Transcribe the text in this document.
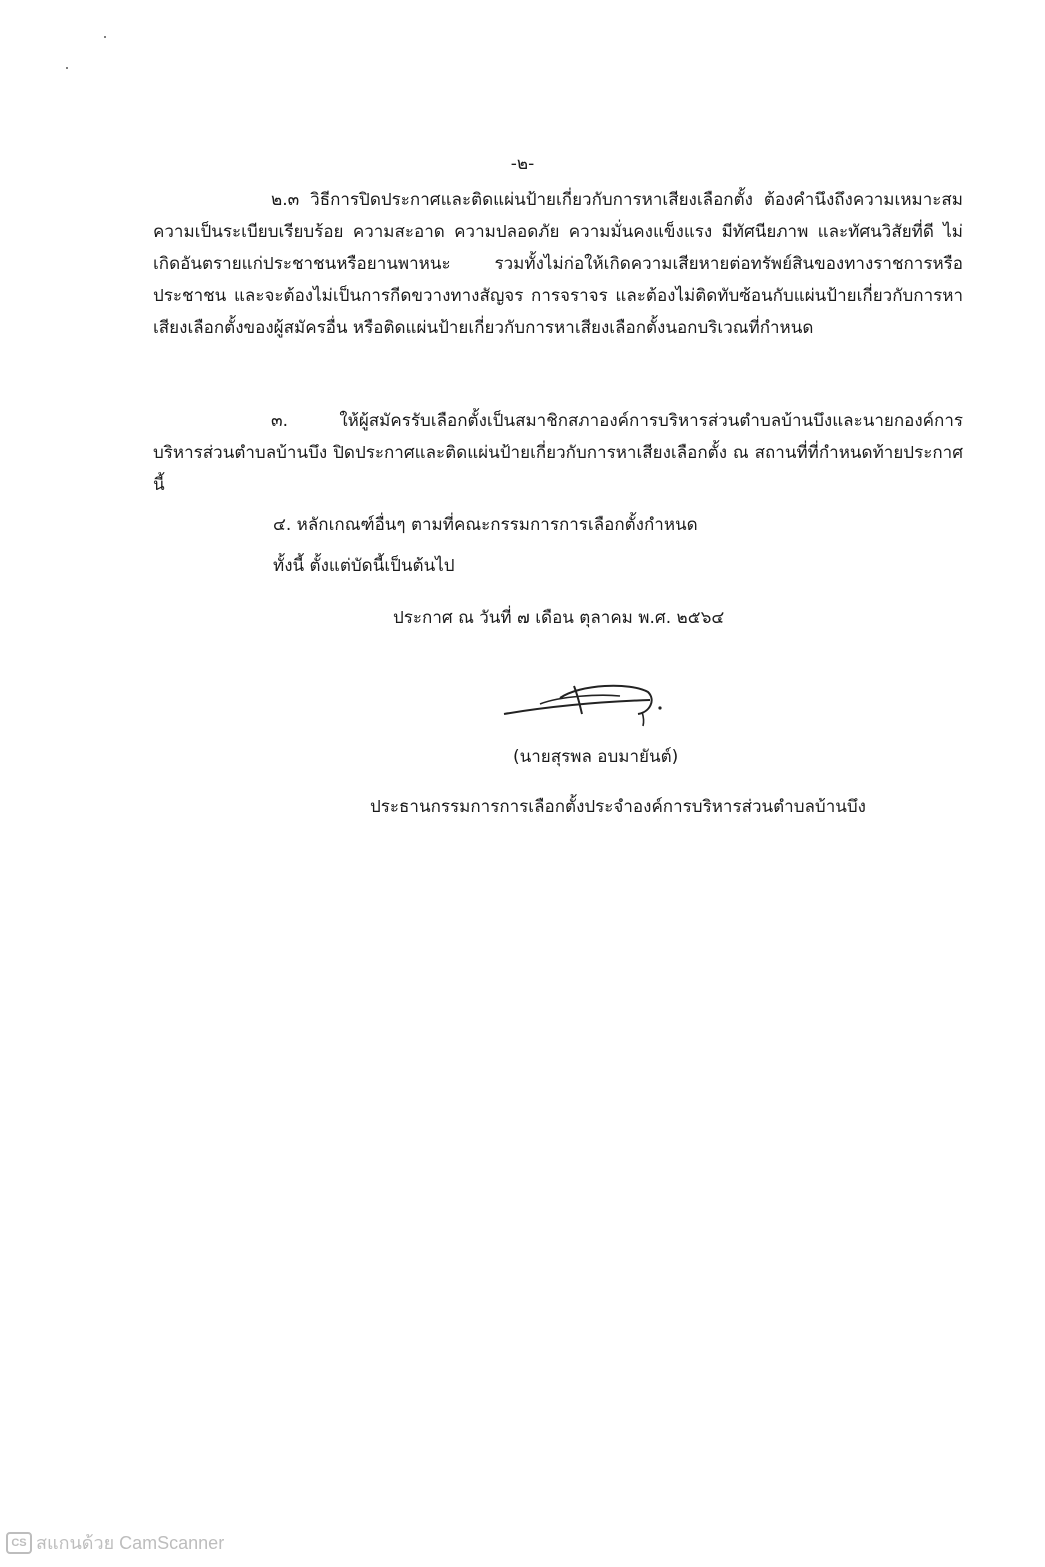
-๒-

๒.๓ วิธีการปิดประกาศและติดแผ่นป้ายเกี่ยวกับการหาเสียงเลือกตั้ง ต้องคำนึงถึงความเหมาะสม ความเป็นระเบียบเรียบร้อย ความสะอาด ความปลอดภัย ความมั่นคงแข็งแรง มีทัศนียภาพ และทัศนวิสัยที่ดี ไม่เกิดอันตรายแก่ประชาชนหรือยานพาหนะ รวมทั้งไม่ก่อให้เกิดความเสียหายต่อทรัพย์สินของทางราชการหรือประชาชน และจะต้องไม่เป็นการกีดขวางทางสัญจร การจราจร และต้องไม่ติดทับซ้อนกับแผ่นป้ายเกี่ยวกับการหาเสียงเลือกตั้งของผู้สมัครอื่น หรือติดแผ่นป้ายเกี่ยวกับการหาเสียงเลือกตั้งนอกบริเวณที่กำหนด

๓. ให้ผู้สมัครรับเลือกตั้งเป็นสมาชิกสภาองค์การบริหารส่วนตำบลบ้านบึงและนายกองค์การบริหารส่วนตำบลบ้านบึง ปิดประกาศและติดแผ่นป้ายเกี่ยวกับการหาเสียงเลือกตั้ง ณ สถานที่ที่กำหนดท้ายประกาศนี้

๔. หลักเกณฑ์อื่นๆ ตามที่คณะกรรมการการเลือกตั้งกำหนด

ทั้งนี้ ตั้งแต่บัดนี้เป็นต้นไป

ประกาศ ณ วันที่ ๗ เดือน ตุลาคม พ.ศ. ๒๕๖๔

(นายสุรพล อบมายันต์)

ประธานกรรมการการเลือกตั้งประจำองค์การบริหารส่วนตำบลบ้านบึง

CS สแกนด้วย CamScanner
